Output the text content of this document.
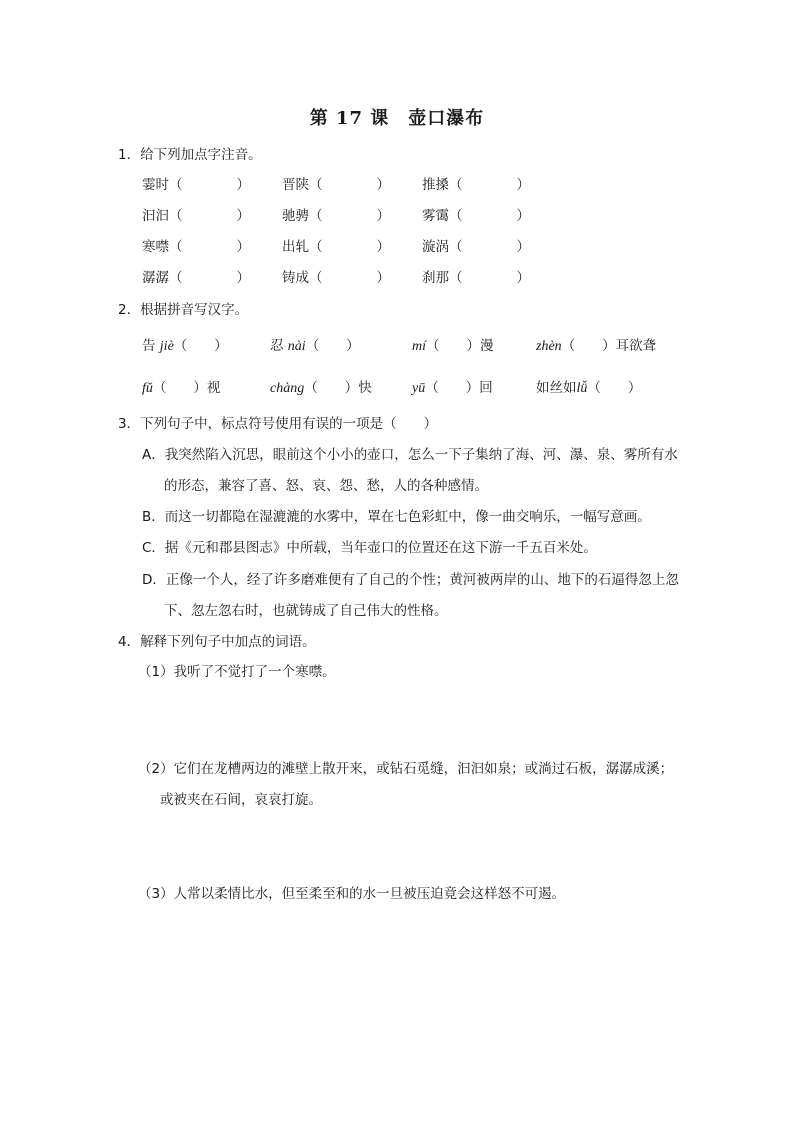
第 17 课　壶口瀑布
1．给下列加点字注音。
霎时（　　　　） 晋陕（　　　　） 推搡（　　　　）
汩汩（　　　　） 驰骋（　　　　） 雾霭（　　　　）
寒噤（　　　　） 出轧（　　　　） 漩涡（　　　　）
潺潺（　　　　） 铸成（　　　　） 刹那（　　　　）
2．根据拼音写汉字。
告 jiè（　　）	忍 nài（　　）	mí（　　）漫	zhèn（　　）耳欲聋
fǔ（　　）视	chàng（　　）快	yū（　　）回	如丝如lǚ（　　）
3．下列句子中，标点符号使用有误的一项是（　　）
A．我突然陷入沉思，眼前这个小小的壶口，怎么一下子集纳了海、河、瀑、泉、雾所有水的形态，兼容了喜、怒、哀、怨、愁，人的各种感情。
B．而这一切都隐在湿漉漉的水雾中，罩在七色彩虹中，像一曲交响乐，一幅写意画。
C．据《元和郡县图志》中所载，当年壶口的位置还在这下游一千五百米处。
D．正像一个人，经了许多磨难便有了自己的个性；黄河被两岸的山、地下的石逼得忽上忽下、忽左忽右时，也就铸成了自己伟大的性格。
4．解释下列句子中加点的词语。
（1）我听了不觉打了一个寒噤。
（2）它们在龙槽两边的滩壁上散开来，或钻石觅缝，汩汩如泉；或淌过石板，潺潺成溪；或被夹在石间，哀哀打旋。
（3）人常以柔情比水，但至柔至和的水一旦被压迫竟会这样怒不可遏。
